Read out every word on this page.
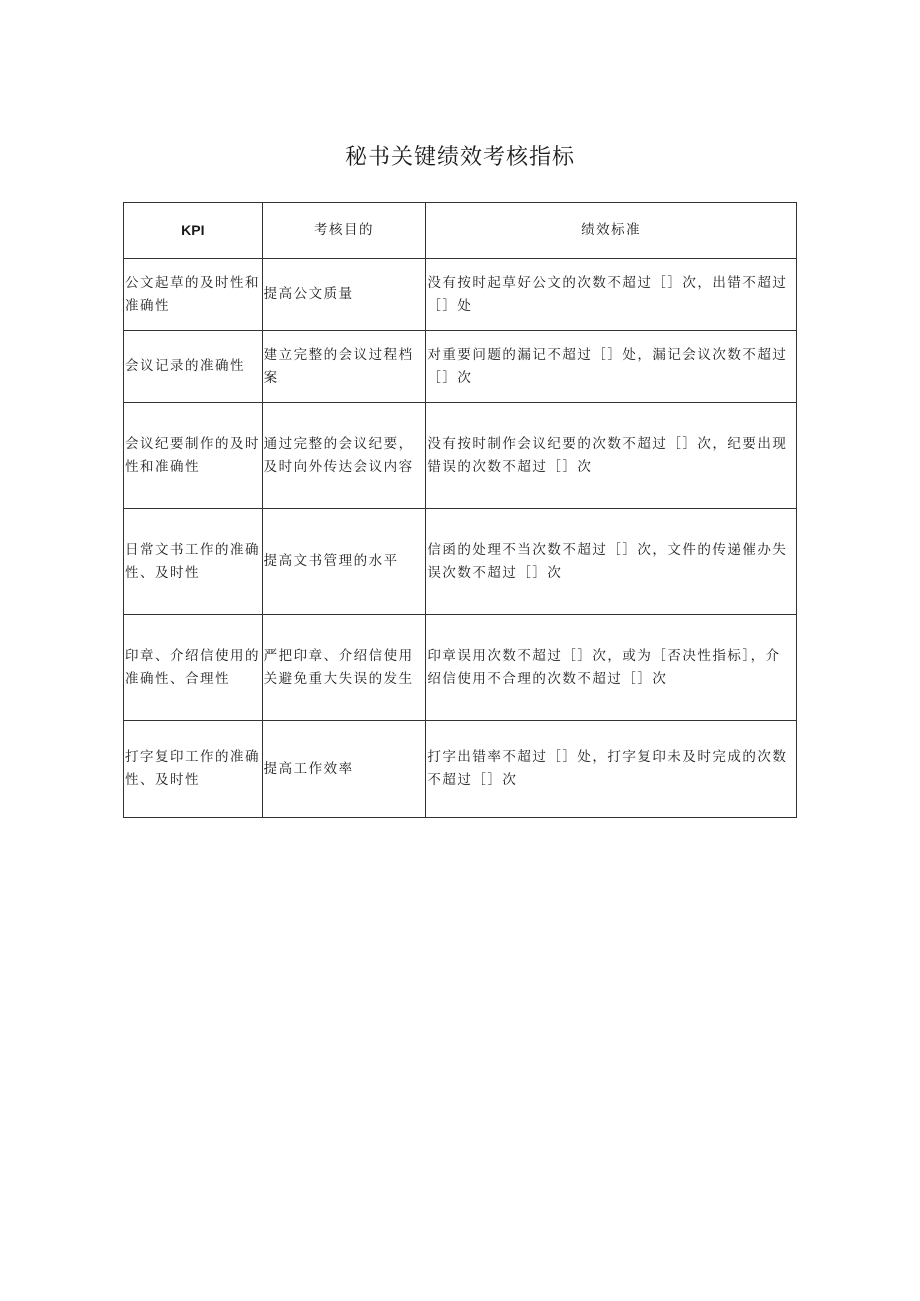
秘书关键绩效考核指标
KPI	考核目的	绩效标准
公文起草的及时性和准确性	提高公文质量	没有按时起草好公文的次数不超过［］次，出错不超过［］处
会议记录的准确性	建立完整的会议过程档案	对重要问题的漏记不超过［］处，漏记会议次数不超过［］次
会议纪要制作的及时性和准确性	通过完整的会议纪要，及时向外传达会议内容	没有按时制作会议纪要的次数不超过［］次，纪要出现错误的次数不超过［］次
日常文书工作的准确性、及时性	提高文书管理的水平	信函的处理不当次数不超过［］次，文件的传递催办失误次数不超过［］次
印章、介绍信使用的准确性、合理性	严把印章、介绍信使用关避免重大失误的发生	印章误用次数不超过［］次，或为［否决性指标］，介绍信使用不合理的次数不超过［］次
打字复印工作的准确性、及时性	提高工作效率	打字出错率不超过［］处，打字复印未及时完成的次数不超过［］次
